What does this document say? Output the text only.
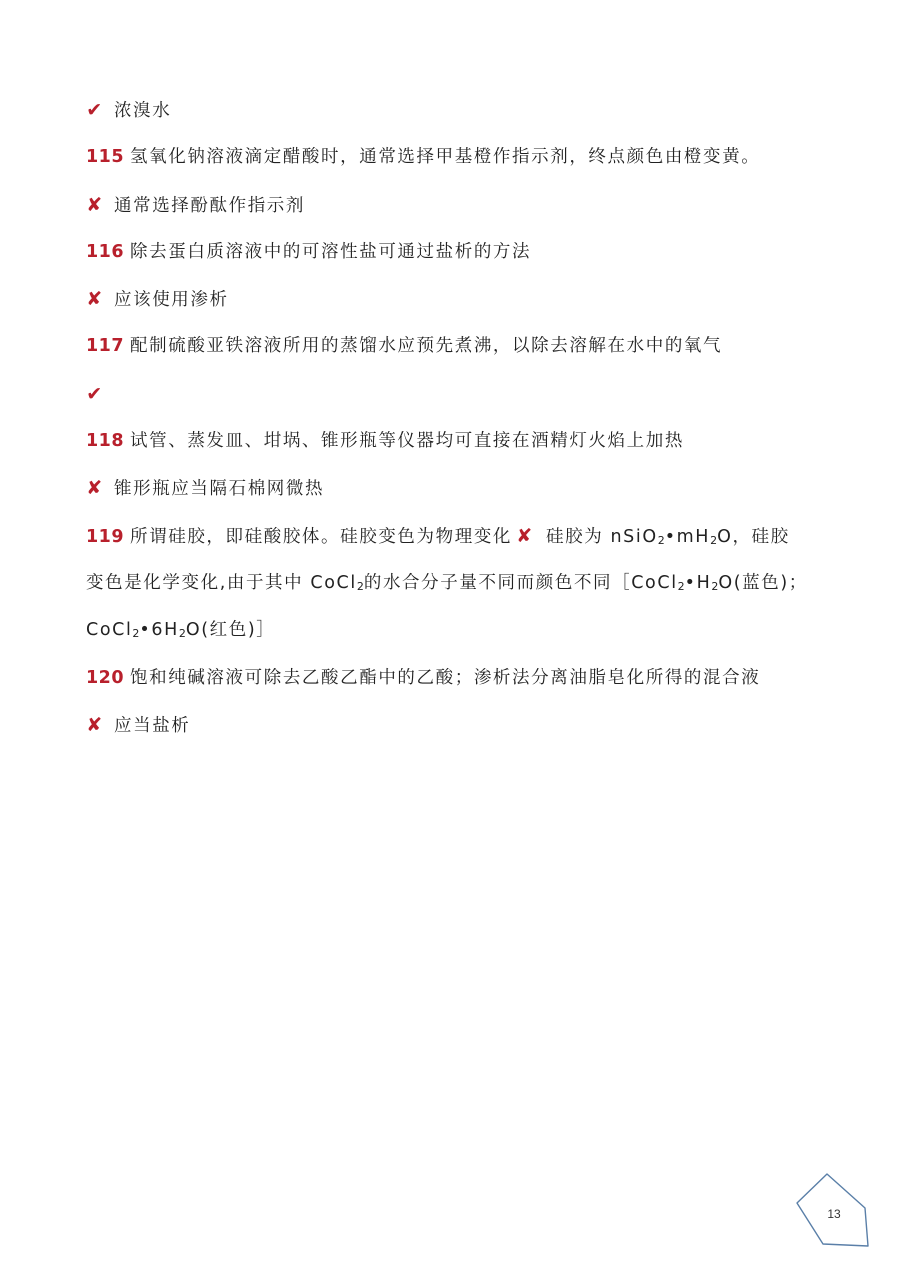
✔ 浓溴水
115 氢氧化钠溶液滴定醋酸时，通常选择甲基橙作指示剂，终点颜色由橙变黄。
✘ 通常选择酚酞作指示剂
116 除去蛋白质溶液中的可溶性盐可通过盐析的方法
✘ 应该使用渗析
117 配制硫酸亚铁溶液所用的蒸馏水应预先煮沸，以除去溶解在水中的氧气
✔
118 试管、蒸发皿、坩埚、锥形瓶等仪器均可直接在酒精灯火焰上加热
✘ 锥形瓶应当隔石棉网微热
119 所谓硅胶，即硅酸胶体。硅胶变色为物理变化 ✘ 硅胶为 $nSiO_2•mH_2O$，硅胶
变色是化学变化,由于其中 CoCl$_2$的水合分子量不同而颜色不同$[CoCl_2•H_2O$(蓝色)；
$CoCl_2•6H_2O$(红色)］
120 饱和纯碱溶液可除去乙酸乙酯中的乙酸；渗析法分离油脂皂化所得的混合液
✘ 应当盐析
13
